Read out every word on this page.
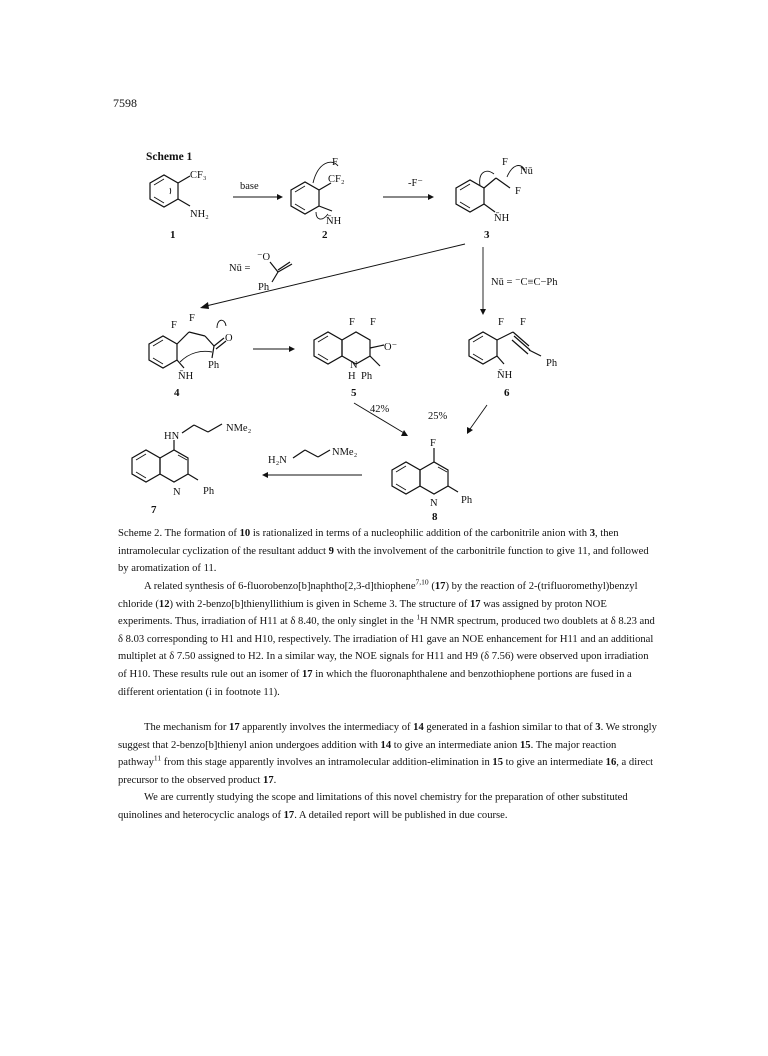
7598
Scheme 1
CF₃
NH₂
1
base
F
CF₂
N̄H
2
-F⁻
F
Nū
F
N̄H
3
Nū =
⁻O
Ph	Nū = ⁻C≡C−Ph
F
F
O
Ph
N̄H
4
F F
O⁻
N
H Ph
5
F F
Ph
N̄H
6
42%
25%
HN
NMe₂
N Ph
7
H₂N
NMe₂
F
N Ph
8

Scheme 2. The formation of 10 is rationalized in terms of a nucleophilic addition of the carbonitrile anion with 3, then intramolecular cyclization of the resultant adduct 9 with the involvement of the carbonitrile function to give 11, and followed by aromatization of 11.

A related synthesis of 6-fluorobenzo[b]naphtho[2,3-d]thiophene$^{7,10}$ (17) by the reaction of 2-(trifluoromethyl)benzyl chloride (12) with 2-benzo[b]thienyllithium is given in Scheme 3. The structure of 17 was assigned by proton NOE experiments. Thus, irradiation of H11 at δ 8.40, the only singlet in the $^1$H NMR spectrum, produced two doublets at δ 8.23 and δ 8.03 corresponding to H1 and H10, respectively. The irradiation of H1 gave an NOE enhancement for H11 and an additional multiplet at δ 7.50 assigned to H2. In a similar way, the NOE signals for H11 and H9 (δ 7.56) were observed upon irradiation of H10. These results rule out an isomer of 17 in which the fluoronaphthalene and benzothiophene portions are fused in a different orientation (i in footnote 11).

The mechanism for 17 apparently involves the intermediacy of 14 generated in a fashion similar to that of 3. We strongly suggest that 2-benzo[b]thienyl anion undergoes addition with 14 to give an intermediate anion 15. The major reaction pathway$^{11}$ from this stage apparently involves an intramolecular addition-elimination in 15 to give an intermediate 16, a direct precursor to the observed product 17.

We are currently studying the scope and limitations of this novel chemistry for the preparation of other substituted quinolines and heterocyclic analogs of 17. A detailed report will be published in due course.
